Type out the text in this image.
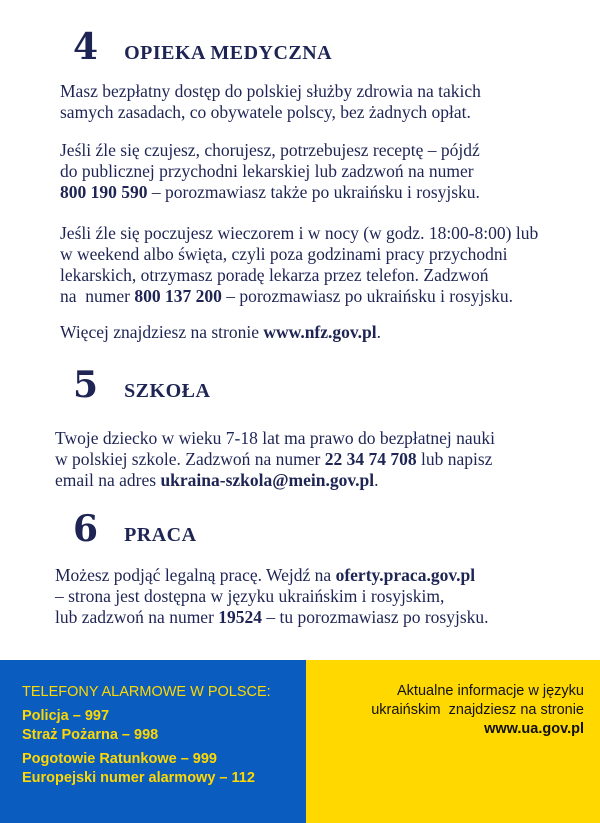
4 OPIEKA MEDYCZNA

Masz bezpłatny dostęp do polskiej służby zdrowia na takich
samych zasadach, co obywatele polscy, bez żadnych opłat.

Jeśli źle się czujesz, chorujesz, potrzebujesz receptę – pójdź
do publicznej przychodni lekarskiej lub zadzwoń na numer
800 190 590 – porozmawiasz także po ukraińsku i rosyjsku.

Jeśli źle się poczujesz wieczorem i w nocy (w godz. 18:00-8:00) lub
w weekend albo święta, czyli poza godzinami pracy przychodni
lekarskich, otrzymasz poradę lekarza przez telefon. Zadzwoń
na  numer 800 137 200 – porozmawiasz po ukraińsku i rosyjsku.

Więcej znajdziesz na stronie www.nfz.gov.pl.

5 SZKOŁA

Twoje dziecko w wieku 7-18 lat ma prawo do bezpłatnej nauki
w polskiej szkole. Zadzwoń na numer 22 34 74 708 lub napisz
email na adres ukraina-szkola@mein.gov.pl.

6 PRACA

Możesz podjąć legalną pracę. Wejdź na oferty.praca.gov.pl
– strona jest dostępna w języku ukraińskim i rosyjskim,
lub zadzwoń na numer 19524 – tu porozmawiasz po rosyjsku.

TELEFONY ALARMOWE W POLSCE:
Policja – 997
Straż Pożarna – 998
Pogotowie Ratunkowe – 999
Europejski numer alarmowy – 112
Aktualne informacje w języku
ukraińskim  znajdziesz na stronie
www.ua.gov.pl
